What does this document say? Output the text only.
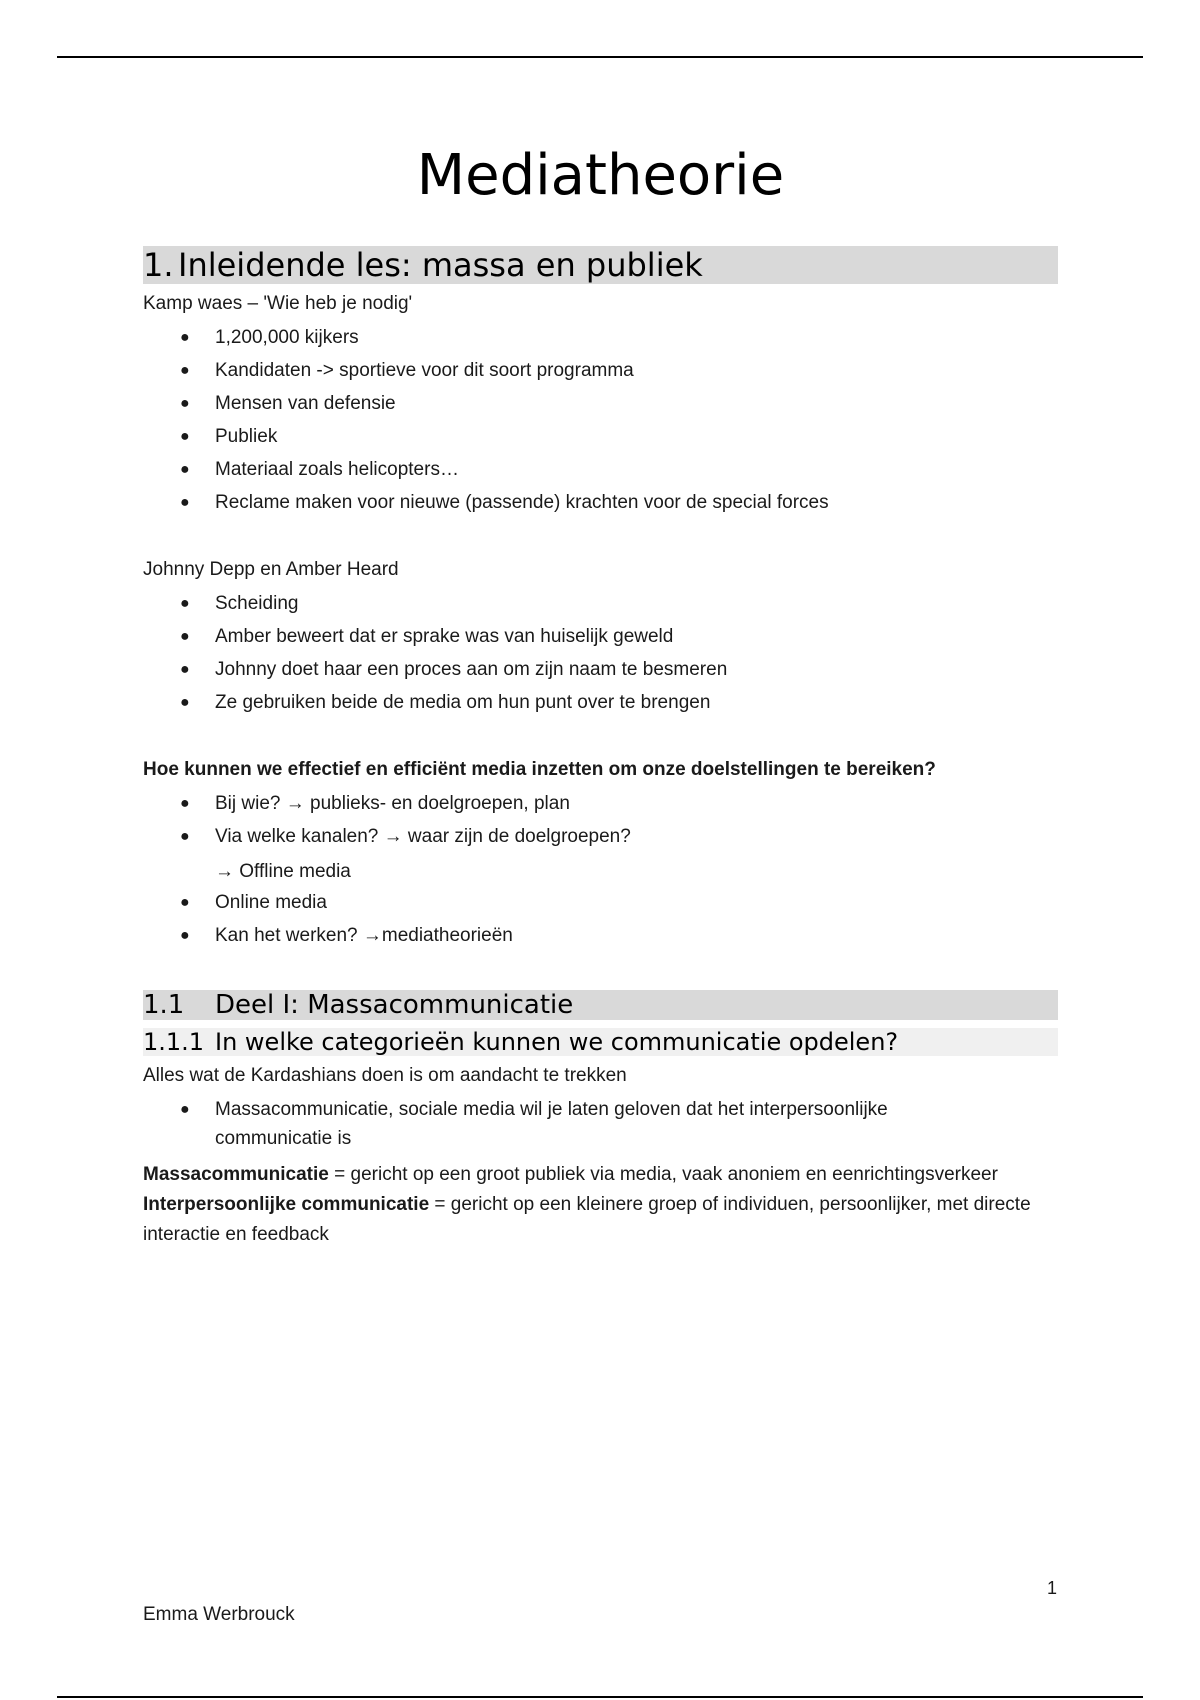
Mediatheorie
1. Inleidende les: massa en publiek
Kamp waes – 'Wie heb je nodig'
● 1,200,000 kijkers
● Kandidaten -> sportieve voor dit soort programma
● Mensen van defensie
● Publiek
● Materiaal zoals helicopters…
● Reclame maken voor nieuwe (passende) krachten voor de special forces
Johnny Depp en Amber Heard
● Scheiding
● Amber beweert dat er sprake was van huiselijk geweld
● Johnny doet haar een proces aan om zijn naam te besmeren
● Ze gebruiken beide de media om hun punt over te brengen
Hoe kunnen we effectief en efficiënt media inzetten om onze doelstellingen te bereiken?
● Bij wie? → publieks- en doelgroepen, plan
● Via welke kanalen? → waar zijn de doelgroepen?
→ Offline media
● Online media
● Kan het werken? →mediatheorieën
1.1	Deel I: Massacommunicatie
1.1.1 In welke categorieën kunnen we communicatie opdelen?
Alles wat de Kardashians doen is om aandacht te trekken
● Massacommunicatie, sociale media wil je laten geloven dat het interpersoonlijke communicatie is
Massacommunicatie = gericht op een groot publiek via media, vaak anoniem en eenrichtingsverkeer
Interpersoonlijke communicatie = gericht op een kleinere groep of individuen, persoonlijker, met directe interactie en feedback
1
Emma Werbrouck
